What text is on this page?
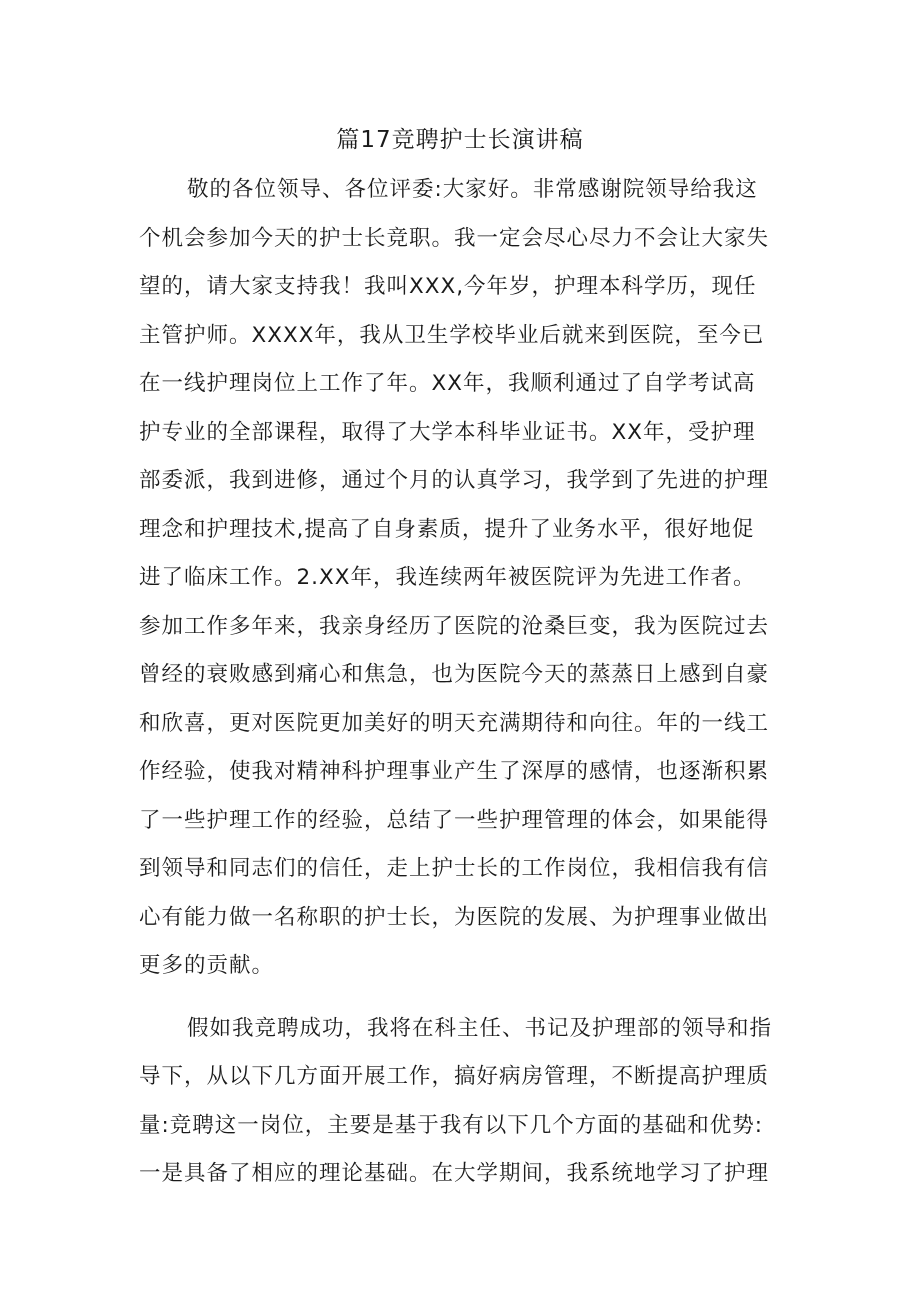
篇17竞聘护士长演讲稿
敬的各位领导、各位评委:大家好。非常感谢院领导给我这
个机会参加今天的护士长竞职。我一定会尽心尽力不会让大家失
望的，请大家支持我！我叫XXX,今年岁，护理本科学历，现任
主管护师。XXXX年，我从卫生学校毕业后就来到医院，至今已
在一线护理岗位上工作了年。XX年，我顺利通过了自学考试高
护专业的全部课程，取得了大学本科毕业证书。XX年，受护理
部委派，我到进修，通过个月的认真学习，我学到了先进的护理
理念和护理技术,提高了自身素质，提升了业务水平，很好地促
进了临床工作。2.XX年，我连续两年被医院评为先进工作者。
参加工作多年来，我亲身经历了医院的沧桑巨变，我为医院过去
曾经的衰败感到痛心和焦急，也为医院今天的蒸蒸日上感到自豪
和欣喜，更对医院更加美好的明天充满期待和向往。年的一线工
作经验，使我对精神科护理事业产生了深厚的感情，也逐渐积累
了一些护理工作的经验，总结了一些护理管理的体会，如果能得
到领导和同志们的信任，走上护士长的工作岗位，我相信我有信
心有能力做一名称职的护士长，为医院的发展、为护理事业做出
更多的贡献。
假如我竞聘成功，我将在科主任、书记及护理部的领导和指
导下，从以下几方面开展工作，搞好病房管理，不断提高护理质
量:竞聘这一岗位，主要是基于我有以下几个方面的基础和优势:
一是具备了相应的理论基础。在大学期间，我系统地学习了护理
